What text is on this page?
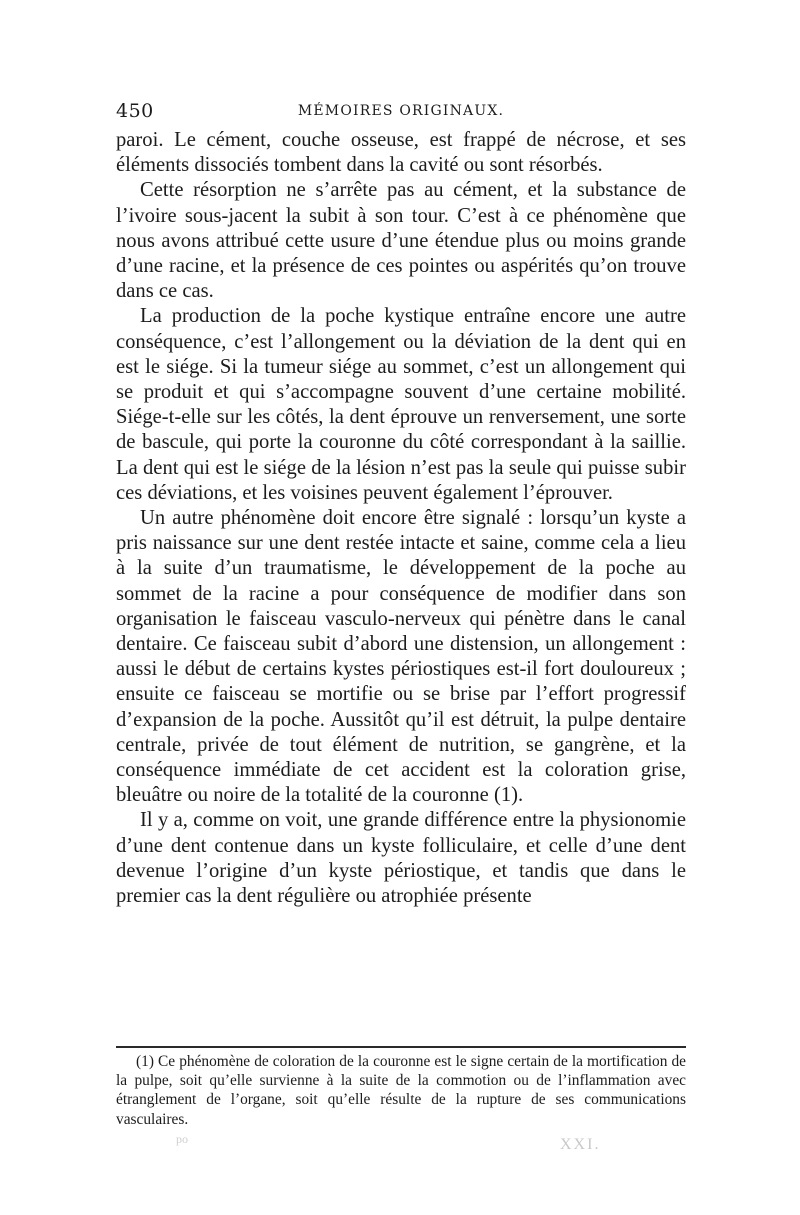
450	MÉMOIRES ORIGINAUX.

paroi. Le cément, couche osseuse, est frappé de nécrose, et ses éléments dissociés tombent dans la cavité ou sont résorbés.

Cette résorption ne s’arrête pas au cément, et la substance de l’ivoire sous-jacent la subit à son tour. C’est à ce phénomène que nous avons attribué cette usure d’une étendue plus ou moins grande d’une racine, et la présence de ces pointes ou aspérités qu’on trouve dans ce cas.

La production de la poche kystique entraîne encore une autre conséquence, c’est l’allongement ou la déviation de la dent qui en est le siége. Si la tumeur siége au sommet, c’est un allongement qui se produit et qui s’accompagne souvent d’une certaine mobilité. Siége-t-elle sur les côtés, la dent éprouve un renversement, une sorte de bascule, qui porte la couronne du côté correspondant à la saillie. La dent qui est le siége de la lésion n’est pas la seule qui puisse subir ces déviations, et les voisines peuvent également l’éprouver.

Un autre phénomène doit encore être signalé : lorsqu’un kyste a pris naissance sur une dent restée intacte et saine, comme cela a lieu à la suite d’un traumatisme, le développement de la poche au sommet de la racine a pour conséquence de modifier dans son organisation le faisceau vasculo-nerveux qui pénètre dans le canal dentaire. Ce faisceau subit d’abord une distension, un allongement : aussi le début de certains kystes périostiques est-il fort douloureux ; ensuite ce faisceau se mortifie ou se brise par l’effort progressif d’expansion de la poche. Aussitôt qu’il est détruit, la pulpe dentaire centrale, privée de tout élément de nutrition, se gangrène, et la conséquence immédiate de cet accident est la coloration grise, bleuâtre ou noire de la totalité de la couronne (1).

Il y a, comme on voit, une grande différence entre la physionomie d’une dent contenue dans un kyste folliculaire, et celle d’une dent devenue l’origine d’un kyste périostique, et tandis que dans le premier cas la dent régulière ou atrophiée présente

(1) Ce phénomène de coloration de la couronne est le signe certain de la mortification de la pulpe, soit qu’elle survienne à la suite de la commotion ou de l’inflammation avec étranglement de l’organe, soit qu’elle résulte de la rupture de ses communications vasculaires.

po	XXI.
